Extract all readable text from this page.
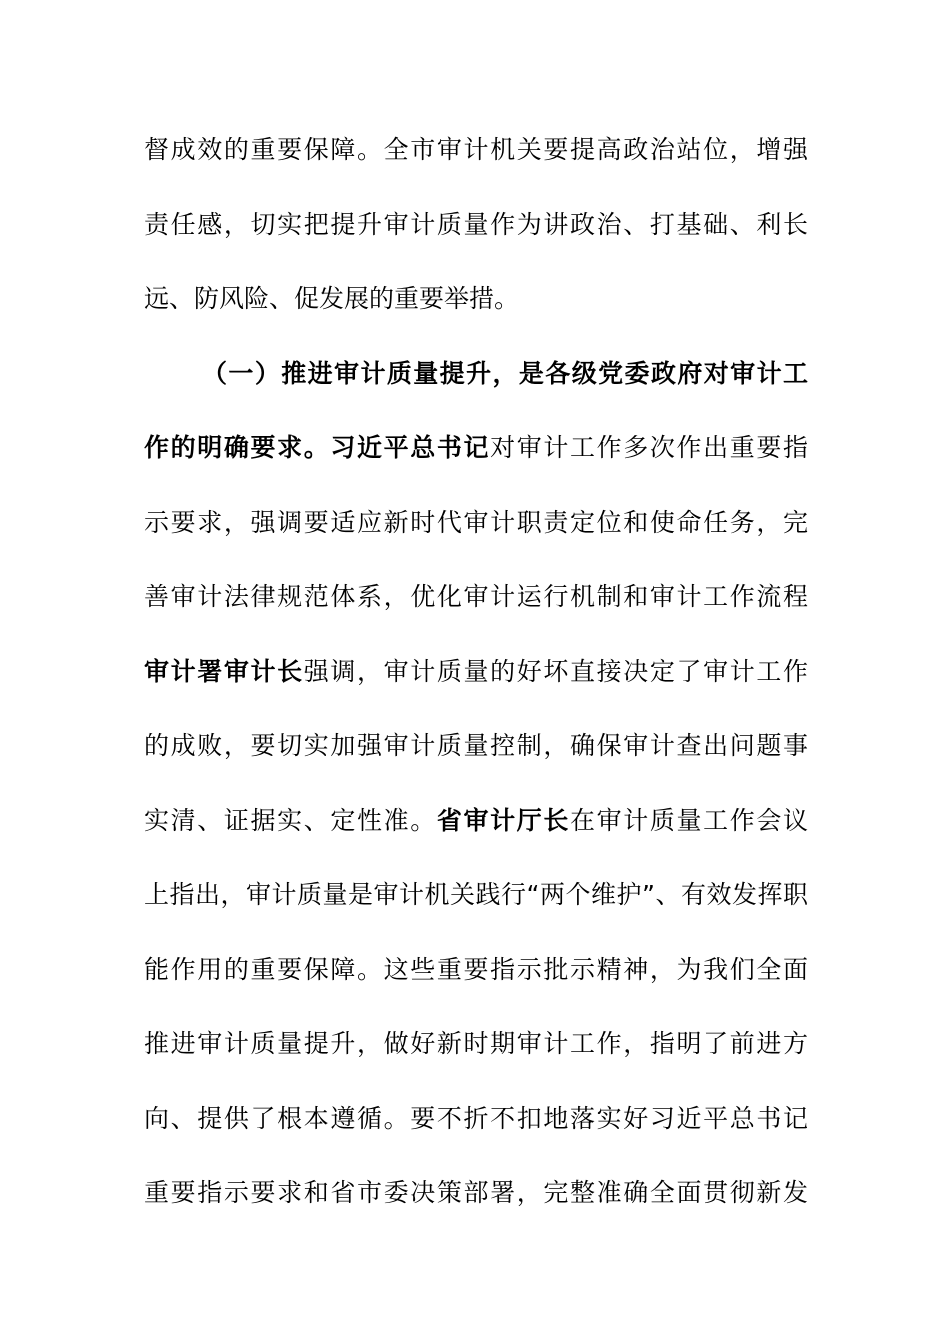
督成效的重要保障。全市审计机关要提高政治站位，增强
责任感，切实把提升审计质量作为讲政治、打基础、利长
远、防风险、促发展的重要举措。
（一）推进审计质量提升，是各级党委政府对审计工
作的明确要求。习近平总书记对审计工作多次作出重要指
示要求，强调要适应新时代审计职责定位和使命任务，完
善审计法律规范体系，优化审计运行机制和审计工作流程
审计署审计长强调，审计质量的好坏直接决定了审计工作
的成败，要切实加强审计质量控制，确保审计查出问题事
实清、证据实、定性准。省审计厅长在审计质量工作会议
上指出，审计质量是审计机关践行“两个维护”、有效发挥职
能作用的重要保障。这些重要指示批示精神，为我们全面
推进审计质量提升，做好新时期审计工作，指明了前进方
向、提供了根本遵循。要不折不扣地落实好习近平总书记
重要指示要求和省市委决策部署，完整准确全面贯彻新发
